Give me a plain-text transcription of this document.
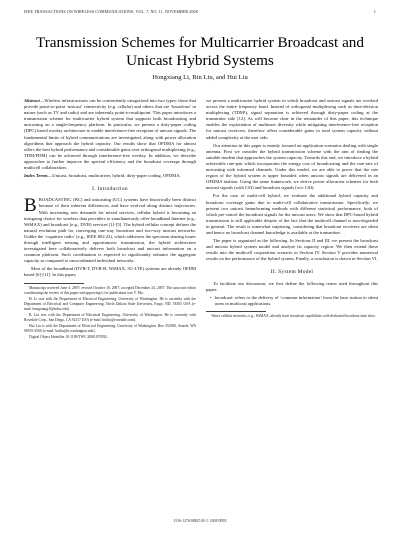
IEEE TRANSACTIONS ON WIRELESS COMMUNICATIONS, VOL. 7, NO. 11, NOVEMBER 2008	1
Transmission Schemes for Multicarrier Broadcast and Unicast Hybrid Systems
Hongxiang Li, Bin Liu, and Hui Liu

Abstract—Wireless infrastructures can be conveniently categorized into two types: those that provide point-to-point ‘unicast’ connectivity (e.g. cellular) and others that are ‘broadcast’ in nature (such as TV and radio) and are inherently point-to-multipoint. This paper introduces a transmission scheme for multicarrier hybrid system that supports both broadcasting and unicasting on a single-frequency platform. In particular, we present a dirty-paper coding (DPC) based overlay architecture to enable interference-free reception of unicast signals. The fundamental limits of hybrid communications are investigated, along with power allocation algorithms that approach the hybrid capacity. Our results show that OFDMA for almost offers the best hybrid performance and considerable gains over orthogonal multiplexing (e.g., TDM/FDM) can be achieved through interference-free overlay. In addition, we describe approaches to further improve the spectral efficiency and the broadcast coverage through multicell collaboration.

Index Terms—Unicast, broadcast, multicarrier, hybrid, dirty-paper coding, OFDMA.

I. Introduction

BROADCASTING (BC) and unicasting (UC) systems have historically been distinct because of their inherent differences, and have evolved along distinct trajectories. With increasing new demands for mixed services, cellular hybrid is becoming an intriguing choice for wireless data providers to simultaneously offer broadband Internet (e.g., WiMAX) and broadcast (e.g., DVB) services [1]-[5]. The hybrid cellular concept defines the natural evolution path for converging one-way broadcast and two-way unicast networks. Unlike the ‘cognitive radio’ (e.g., IEEE 802.22), which addresses the spectrum sharing issues through intelligent sensing and opportunistic transmission, the hybrid architecture investigated here collaboratively delivers both broadcast and unicast information on a common platform. Such coordination is expected to significantly enhance the aggregate capacity as compared to uncoordinated individual networks.

Most of the broadband (DVB-T, DVB-H, WiMAX, 3G-LTE) systems are already OFDM based [6]-[11]. In this paper,

Manuscript received June 4, 2007; revised October 10, 2007; accepted December 24, 2007. The associate editor coordinating the review of this paper and approving it for publication was Y. Ma.

H. Li was with the Department of Electrical Engineering, University of Washington. He is currently with the Department of Electrical and Computer Engineering, North Dakota State University, Fargo, ND, 58105 USA (e-mail: hongxiang.li@ndsu.edu).

B. Liu was with the Department of Electrical Engineering, University of Washington. He is currently with Rosedale Corp., San Diego, CA 92117 USA (e-mail: binliu@rosedale.com).

Hui Liu is with the Department of Electrical Engineering, University of Washington, Box 352500, Seattle, WA 98195-2500 (e-mail: huiliu@u.washington.edu).

Digital Object Identifier 10.1109/TWC.2008.070592.

we present a multicarrier hybrid system in which broadcast and unicast signals are overlaid across the entire frequency band. Instead of orthogonal multiplexing such as time-division multiplexing (TDM¹), signal separation is achieved through dirty-paper coding at the transmitter side [12]. As will become clear in the remainder of this paper, this technique enables the exploitation of multiuser diversity while mitigating interference-free reception for unicast receivers, therefore offers considerable gains in total system capacity without added complexity at the user side.

Our attention in this paper is mainly focused on application scenarios dealing with single antenna. First we consider the hybrid transmission scheme with the aim of finding the suitable modem that approaches the system capacity. Towards this end, we introduce a hybrid achievable rate-pair which incorporates the energy cost of broadcasting and the rare-rate of unicasting with informed channels. Under this model, we are able to prove that the rate region of the hybrid system is upper bounded when unicast signals are delivered in an OFDMA fashion. Using the same framework, we derive power allocation schemes for both unicast signals (with CSI) and broadcast signals (w/o CSI).

For the case of multi-cell hybrid, we evaluate the additional hybrid capacity and broadcast coverage gains due to multi-cell collaborative transmission. Specifically, we present two unicast beamforming methods with different statistical performance, both of which pre-cancel the broadcast signals for the unicast users. We show that DPC-based hybrid transmission is still applicable despite of the fact that the multicell channel is non-degraded in general. The result is somewhat surprising, considering that broadcast receivers are silent and hence no broadcast channel knowledge is available at the transmitter.

The paper is organized as the following. In Sections II and III, we present the broadcast and unicast hybrid system model and analyze its capacity region. We then extend these results into the multicell cooperation scenario in Section IV. Section V provides numerical results on the performance of the hybrid system. Finally, a conclusion is drawn in Section VI.

II. System Model

To facilitate our discussion, we first define the following terms used throughout this paper:

• broadcast: refers to the delivery of ‘common information’ from the base station to silent users in multicast applications.

¹Since cellular networks, e.g., WiMAX, already have broadcast capabilities with dedicated broadcast time slots.

1536-1276/08$25.00 © 2008 IEEE
